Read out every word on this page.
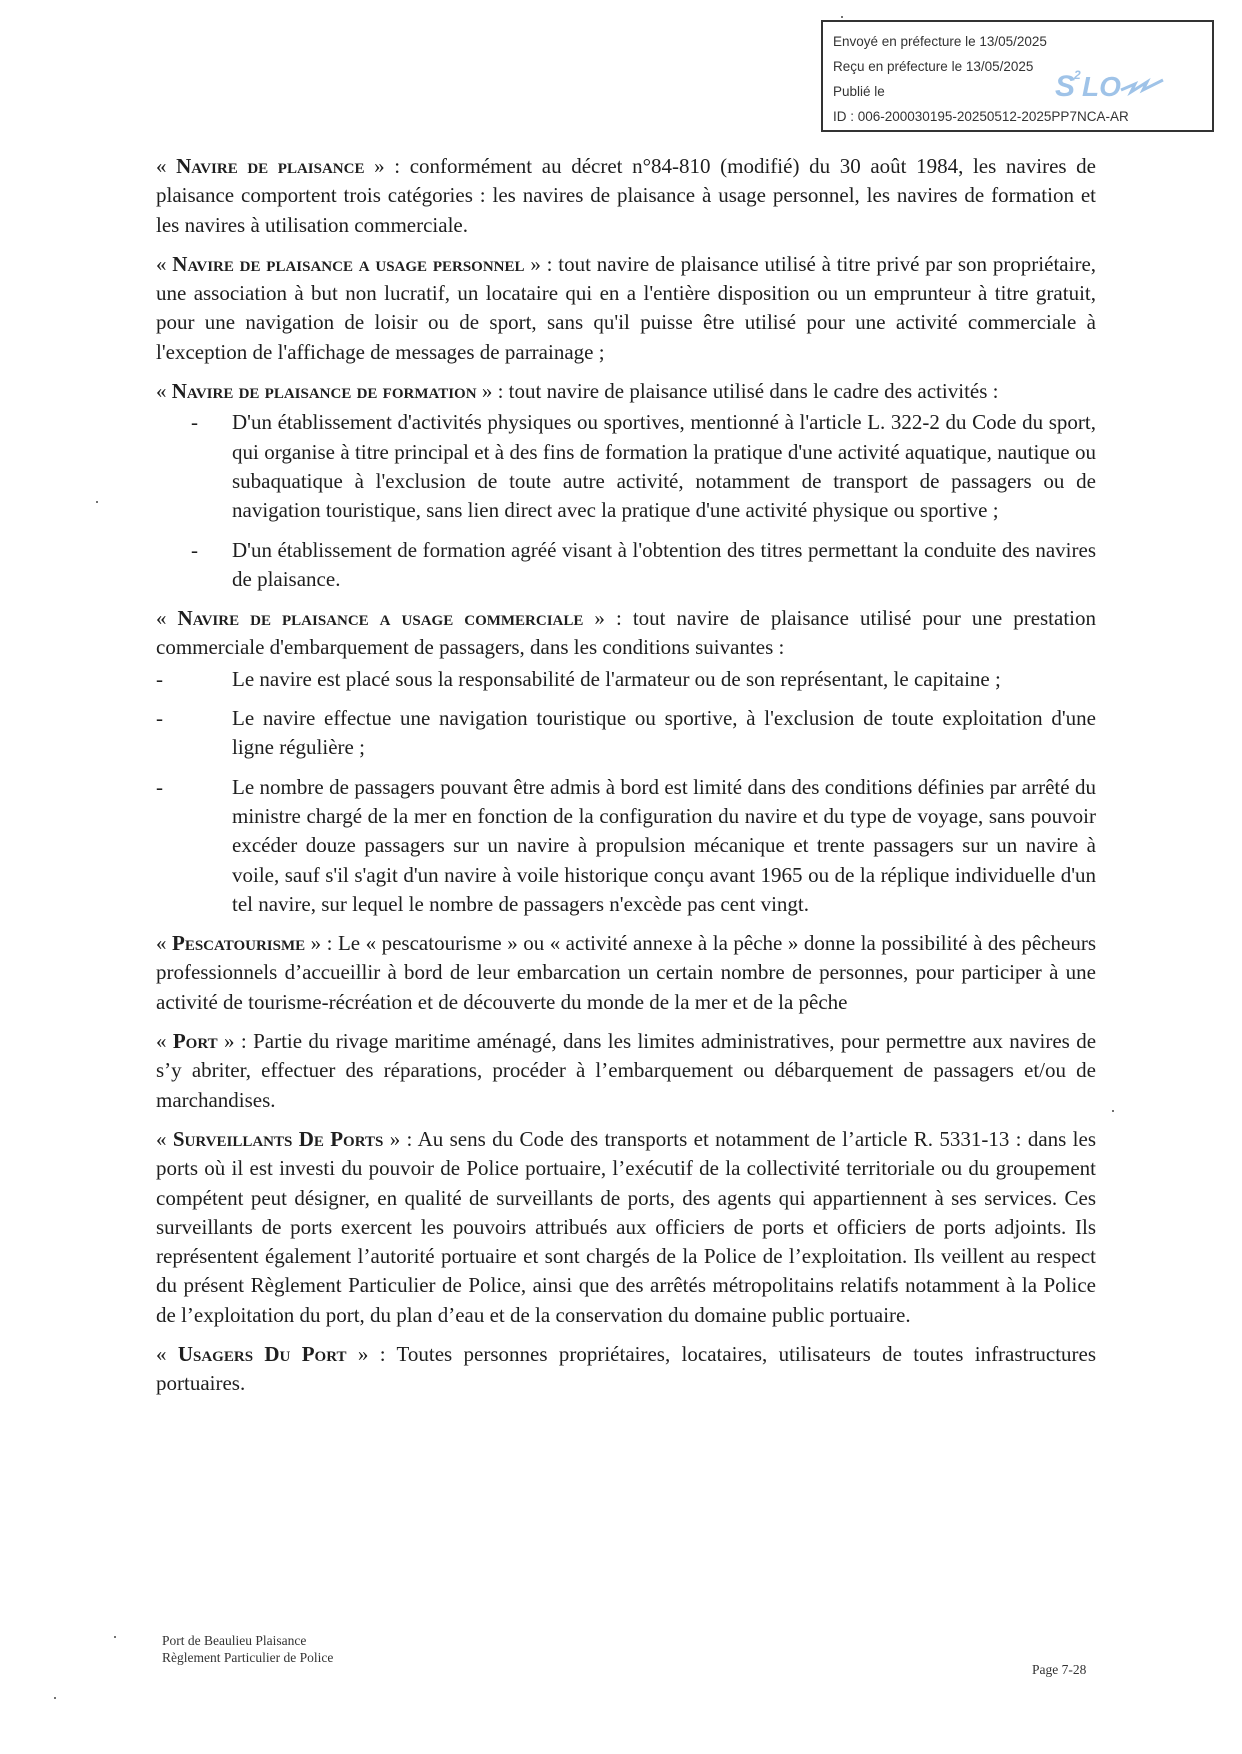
Envoyé en préfecture le 13/05/2025
Reçu en préfecture le 13/05/2025
Publié le
ID : 006-200030195-20250512-2025PP7NCA-AR
S
2 LO

« Navire de plaisance » : conformément au décret n°84-810 (modifié) du 30 août 1984, les navires de plaisance comportent trois catégories : les navires de plaisance à usage personnel, les navires de formation et les navires à utilisation commerciale.

« Navire de plaisance a usage personnel » : tout navire de plaisance utilisé à titre privé par son propriétaire, une association à but non lucratif, un locataire qui en a l'entière disposition ou un emprunteur à titre gratuit, pour une navigation de loisir ou de sport, sans qu'il puisse être utilisé pour une activité commerciale à l'exception de l'affichage de messages de parrainage ;

« Navire de plaisance de formation » : tout navire de plaisance utilisé dans le cadre des activités :

- D'un établissement d'activités physiques ou sportives, mentionné à l'article L. 322-2 du Code du sport, qui organise à titre principal et à des fins de formation la pratique d'une activité aquatique, nautique ou subaquatique à l'exclusion de toute autre activité, notamment de transport de passagers ou de navigation touristique, sans lien direct avec la pratique d'une activité physique ou sportive ;
- D'un établissement de formation agréé visant à l'obtention des titres permettant la conduite des navires de plaisance.

« Navire de plaisance a usage commerciale » : tout navire de plaisance utilisé pour une prestation commerciale d'embarquement de passagers, dans les conditions suivantes :

-	Le navire est placé sous la responsabilité de l'armateur ou de son représentant, le capitaine ;
-	Le navire effectue une navigation touristique ou sportive, à l'exclusion de toute exploitation d'une ligne régulière ;
-	Le nombre de passagers pouvant être admis à bord est limité dans des conditions définies par arrêté du ministre chargé de la mer en fonction de la configuration du navire et du type de voyage, sans pouvoir excéder douze passagers sur un navire à propulsion mécanique et trente passagers sur un navire à voile, sauf s'il s'agit d'un navire à voile historique conçu avant 1965 ou de la réplique individuelle d'un tel navire, sur lequel le nombre de passagers n'excède pas cent vingt.

« Pescatourisme » : Le « pescatourisme » ou « activité annexe à la pêche » donne la possibilité à des pêcheurs professionnels d’accueillir à bord de leur embarcation un certain nombre de personnes, pour participer à une activité de tourisme-récréation et de découverte du monde de la mer et de la pêche

« Port » : Partie du rivage maritime aménagé, dans les limites administratives, pour permettre aux navires de s’y abriter, effectuer des réparations, procéder à l’embarquement ou débarquement de passagers et/ou de marchandises.

« Surveillants De Ports » : Au sens du Code des transports et notamment de l’article R. 5331-13 : dans les ports où il est investi du pouvoir de Police portuaire, l’exécutif de la collectivité territoriale ou du groupement compétent peut désigner, en qualité de surveillants de ports, des agents qui appartiennent à ses services. Ces surveillants de ports exercent les pouvoirs attribués aux officiers de ports et officiers de ports adjoints. Ils représentent également l’autorité portuaire et sont chargés de la Police de l’exploitation. Ils veillent au respect du présent Règlement Particulier de Police, ainsi que des arrêtés métropolitains relatifs notamment à la Police de l’exploitation du port, du plan d’eau et de la conservation du domaine public portuaire.

« Usagers Du Port » : Toutes personnes propriétaires, locataires, utilisateurs de toutes infrastructures portuaires.

Port de Beaulieu Plaisance
Règlement Particulier de Police
Page 7-28
